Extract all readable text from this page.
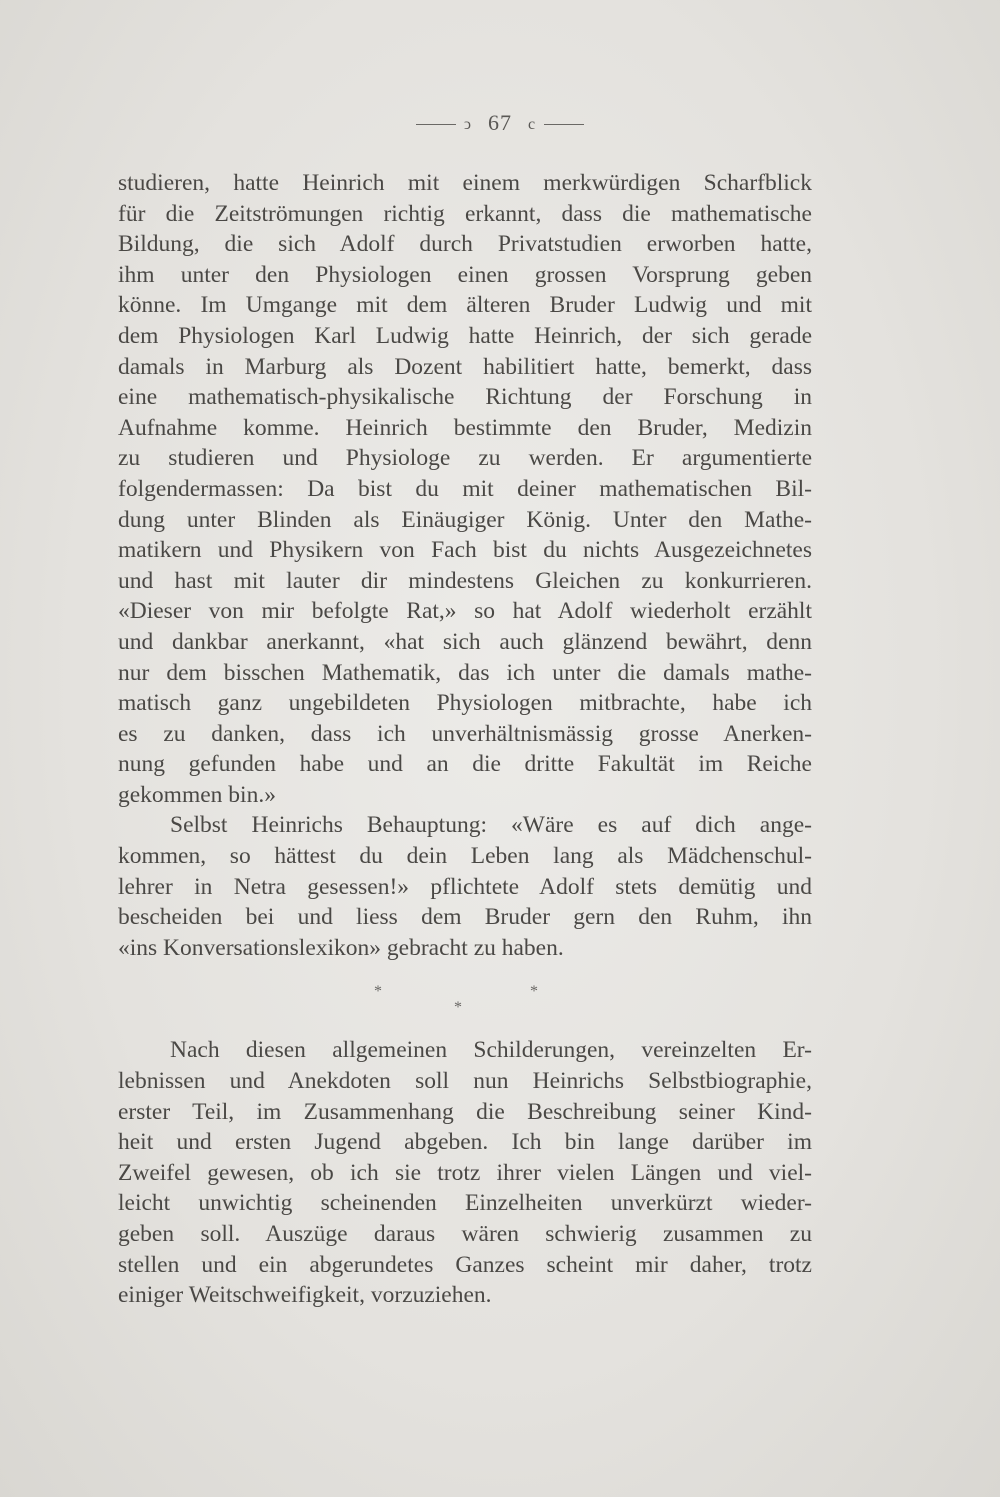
ↄ 67 c
studieren, hatte Heinrich mit einem merkwürdigen Scharfblick
für die Zeitströmungen richtig erkannt, dass die mathematische
Bildung, die sich Adolf durch Privatstudien erworben hatte,
ihm unter den Physiologen einen grossen Vorsprung geben
könne. Im Umgange mit dem älteren Bruder Ludwig und mit
dem Physiologen Karl Ludwig hatte Heinrich, der sich gerade
damals in Marburg als Dozent habilitiert hatte, bemerkt, dass
eine mathematisch-physikalische Richtung der Forschung in
Aufnahme komme. Heinrich bestimmte den Bruder, Medizin
zu studieren und Physiologe zu werden. Er argumentierte
folgendermassen: Da bist du mit deiner mathematischen Bil-
dung unter Blinden als Einäugiger König. Unter den Mathe-
matikern und Physikern von Fach bist du nichts Ausgezeichnetes
und hast mit lauter dir mindestens Gleichen zu konkurrieren.
«Dieser von mir befolgte Rat,» so hat Adolf wiederholt erzählt
und dankbar anerkannt, «hat sich auch glänzend bewährt, denn
nur dem bisschen Mathematik, das ich unter die damals mathe-
matisch ganz ungebildeten Physiologen mitbrachte, habe ich
es zu danken, dass ich unverhältnismässig grosse Anerken-
nung gefunden habe und an die dritte Fakultät im Reiche
gekommen bin.»
Selbst Heinrichs Behauptung: «Wäre es auf dich ange-
kommen, so hättest du dein Leben lang als Mädchenschul-
lehrer in Netra gesessen!» pflichtete Adolf stets demütig und
bescheiden bei und liess dem Bruder gern den Ruhm, ihn
«ins Konversationslexikon» gebracht zu haben.
*	*
*
Nach diesen allgemeinen Schilderungen, vereinzelten Er-
lebnissen und Anekdoten soll nun Heinrichs Selbstbiographie,
erster Teil, im Zusammenhang die Beschreibung seiner Kind-
heit und ersten Jugend abgeben. Ich bin lange darüber im
Zweifel gewesen, ob ich sie trotz ihrer vielen Längen und viel-
leicht unwichtig scheinenden Einzelheiten unverkürzt wieder-
geben soll. Auszüge daraus wären schwierig zusammen zu
stellen und ein abgerundetes Ganzes scheint mir daher, trotz
einiger Weitschweifigkeit, vorzuziehen.
